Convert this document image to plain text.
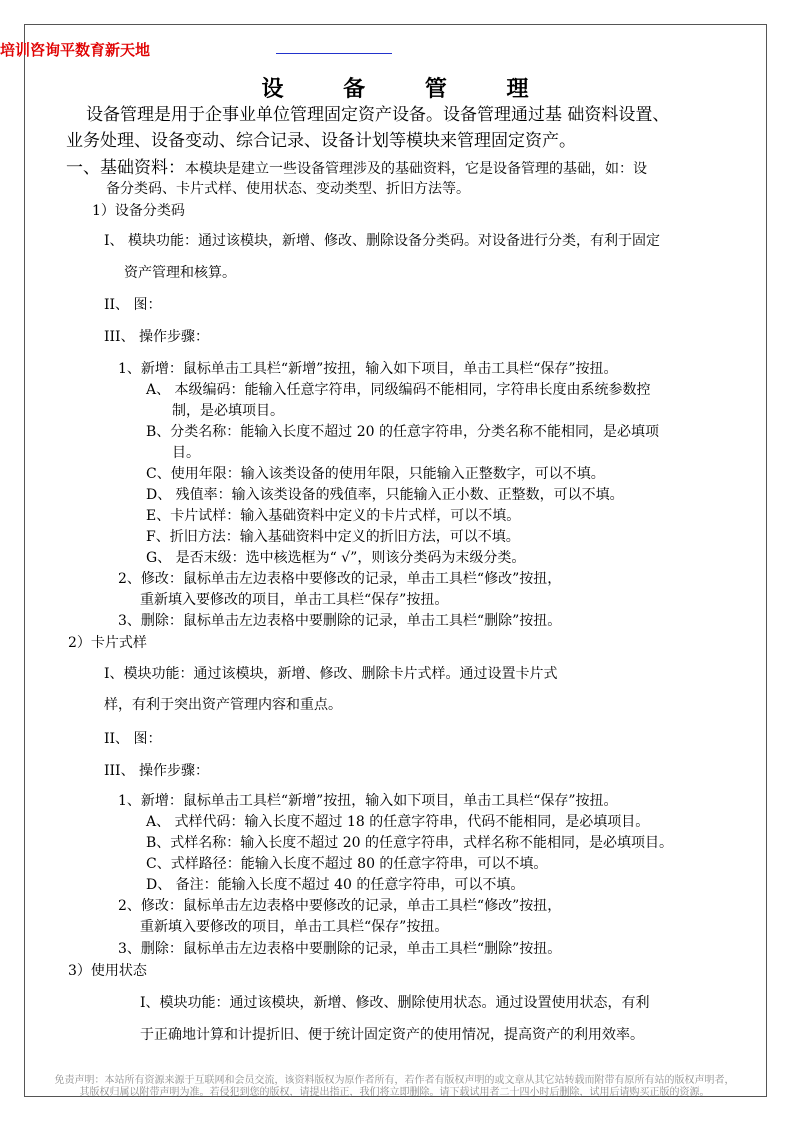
培训咨询平数育新天地
设 备 管 理
设备管理是用于企事业单位管理固定资产设备。设备管理通过基 础资料设置、
业务处理、设备变动、综合记录、设备计划等模块来管理固定资产。
一、基础资料：本模块是建立一些设备管理涉及的基础资料，它是设备管理的基础，如：设
备分类码、卡片式样、使用状态、变动类型、折旧方法等。
1）设备分类码
I、 模块功能：通过该模块，新增、修改、删除设备分类码。对设备进行分类，有利于固定
资产管理和核算。
II、 图：
III、 操作步骤：
1、新增：鼠标单击工具栏“新增”按扭，输入如下项目，单击工具栏“保存”按扭。
A、 本级编码：能输入任意字符串，同级编码不能相同，字符串长度由系统参数控
制，是必填项目。
B、分类名称：能输入长度不超过 20 的任意字符串，分类名称不能相同，是必填项
目。
C、使用年限：输入该类设备的使用年限，只能输入正整数字，可以不填。
D、 残值率：输入该类设备的残值率，只能输入正小数、正整数，可以不填。
E、卡片试样：输入基础资料中定义的卡片式样，可以不填。
F、折旧方法：输入基础资料中定义的折旧方法，可以不填。
G、 是否末级：选中核选框为“ √”，则该分类码为末级分类。
2、修改：鼠标单击左边表格中要修改的记录，单击工具栏“修改”按扭，
重新填入要修改的项目，单击工具栏“保存”按扭。
3、删除：鼠标单击左边表格中要删除的记录，单击工具栏“删除”按扭。
2）卡片式样
I、模块功能：通过该模块，新增、修改、删除卡片式样。通过设置卡片式
样，有利于突出资产管理内容和重点。
II、 图：
III、 操作步骤：
1、新增：鼠标单击工具栏“新增”按扭，输入如下项目，单击工具栏“保存”按扭。
A、 式样代码：输入长度不超过 18 的任意字符串，代码不能相同，是必填项目。
B、式样名称：输入长度不超过 20 的任意字符串，式样名称不能相同，是必填项目。
C、式样路径：能输入长度不超过 80 的任意字符串，可以不填。
D、 备注：能输入长度不超过 40 的任意字符串，可以不填。
2、修改：鼠标单击左边表格中要修改的记录，单击工具栏“修改”按扭，
重新填入要修改的项目，单击工具栏“保存”按扭。
3、删除：鼠标单击左边表格中要删除的记录，单击工具栏“删除”按扭。
3）使用状态
I、模块功能：通过该模块，新增、修改、删除使用状态。通过设置使用状态，有利
于正确地计算和计提折旧、便于统计固定资产的使用情况，提高资产的利用效率。
免责声明：本站所有资源来源于互联网和会员交流，该资料版权为原作者所有，若作者有版权声明的或文章从其它站转载而附带有原所有站的版权声明者，
其版权归属以附带声明为准。若侵犯到您的版权，请提出指正，我们将立即删除。请下载试用者二十四小时后删除，试用后请购买正版的资源。
